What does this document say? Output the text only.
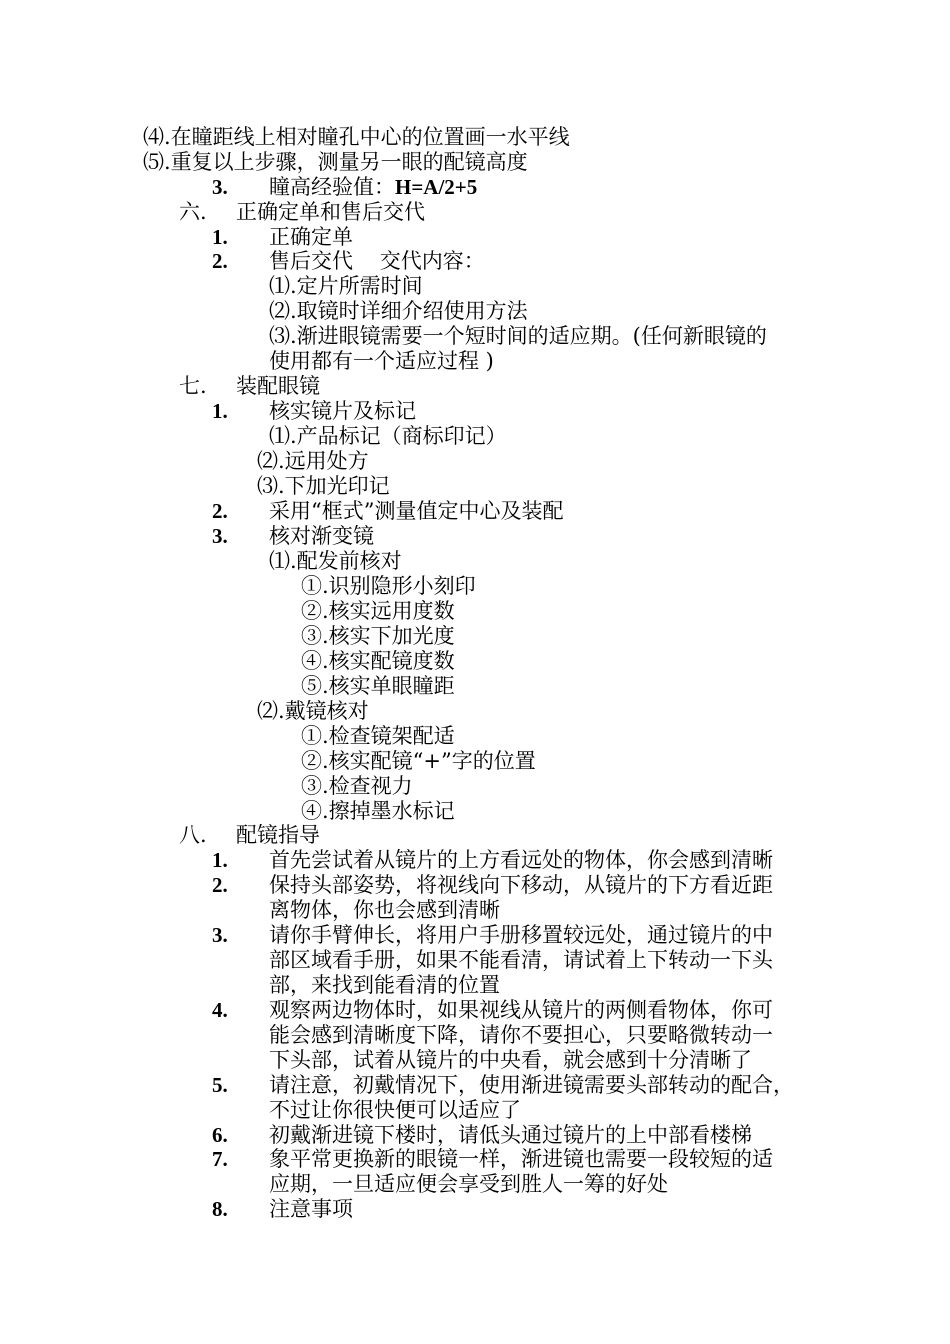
⑷.在瞳距线上相对瞳孔中心的位置画一水平线
⑸.重复以上步骤，测量另一眼的配镜高度
3. 瞳高经验值： H=A/2+5
六. 正确定单和售后交代
1. 正确定单
2. 售后交代    交代内容：
⑴.定片所需时间
⑵.取镜时详细介绍使用方法
⑶.渐进眼镜需要一个短时间的适应期。(任何新眼镜的
使用都有一个适应过程 )
七. 装配眼镜
1. 核实镜片及标记
⑴.产品标记（商标印记）
⑵.远用处方
⑶.下加光印记
2. 采用“框式”测量值定中心及装配
3. 核对渐变镜
⑴.配发前核对
①.识别隐形小刻印
②.核实远用度数
③.核实下加光度
④.核实配镜度数
⑤.核实单眼瞳距
⑵.戴镜核对
①.检查镜架配适
②.核实配镜“+”字的位置
③.检查视力
④.擦掉墨水标记
八. 配镜指导
1. 首先尝试着从镜片的上方看远处的物体，你会感到清晰
2. 保持头部姿势，将视线向下移动，从镜片的下方看近距
离物体，你也会感到清晰
3. 请你手臂伸长，将用户手册移置较远处，通过镜片的中
部区域看手册，如果不能看清，请试着上下转动一下头
部，来找到能看清的位置
4. 观察两边物体时，如果视线从镜片的两侧看物体，你可
能会感到清晰度下降，请你不要担心，只要略微转动一
下头部，试着从镜片的中央看，就会感到十分清晰了
5. 请注意，初戴情况下，使用渐进镜需要头部转动的配合，
不过让你很快便可以适应了
6. 初戴渐进镜下楼时，请低头通过镜片的上中部看楼梯
7. 象平常更换新的眼镜一样，渐进镜也需要一段较短的适
应期，一旦适应便会享受到胜人一筹的好处
8. 注意事项
